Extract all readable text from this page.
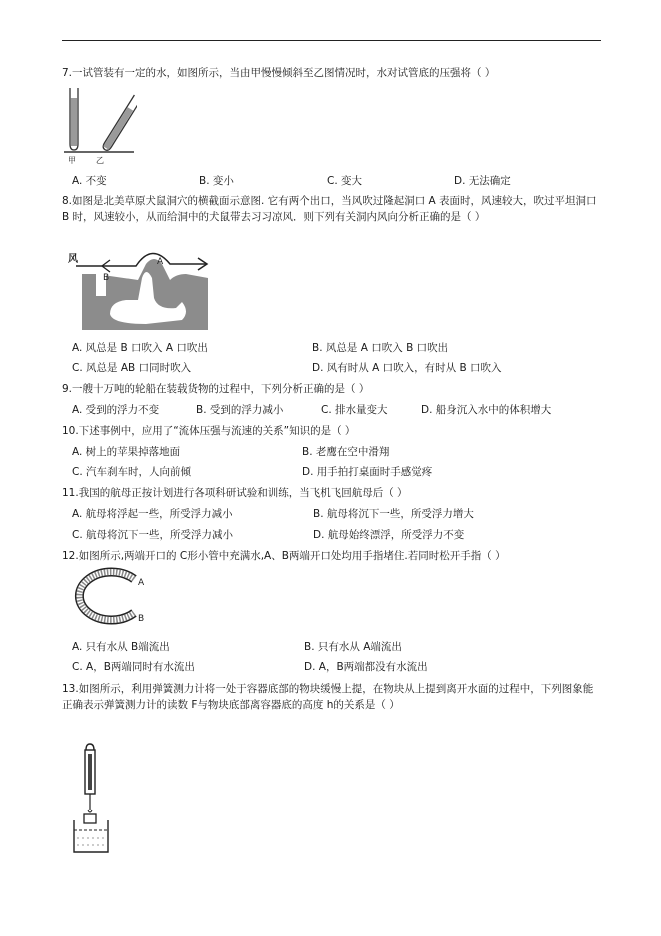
7.一试管装有一定的水，如图所示，当由甲慢慢倾斜至乙图情况时，水对试管底的压强将（ ）
甲	乙
A. 不变	B. 变小	C. 变大	D. 无法确定
8.如图是北美草原犬鼠洞穴的横截面示意图. 它有两个出口，当风吹过隆起洞口 A 表面时，风速较大，吹过平坦洞口 B 时，风速较小，从而给洞中的犬鼠带去习习凉风．则下列有关洞内风向分析正确的是（ ）
风	A
B
A. 风总是 B 口吹入 A 口吹出	B. 风总是 A 口吹入 B 口吹出
C. 风总是 AB 口同时吹入	D. 风有时从 A 口吹入，有时从 B 口吹入
9.一艘十万吨的轮船在装载货物的过程中，下列分析正确的是（ ）
A. 受到的浮力不变	B. 受到的浮力减小	C. 排水量变大	D. 船身沉入水中的体积增大
10.下述事例中，应用了“流体压强与流速的关系”知识的是（ ）
A. 树上的苹果掉落地面	B. 老鹰在空中滑翔
C. 汽车刹车时，人向前倾	D. 用手拍打桌面时手感觉疼
11.我国的航母正按计划进行各项科研试验和训练，当飞机飞回航母后（ ）
A. 航母将浮起一些，所受浮力减小	B. 航母将沉下一些，所受浮力增大
C. 航母将沉下一些，所受浮力减小	D. 航母始终漂浮，所受浮力不变
12.如图所示,两端开口的 C形小管中充满水,A、B两端开口处均用手指堵住.若同时松开手指（ ）
A
B
A. 只有水从 B端流出	B. 只有水从 A端流出
C. A，B两端同时有水流出	D. A，B两端都没有水流出
13.如图所示，利用弹簧测力计将一处于容器底部的物块缓慢上提，在物块从上提到离开水面的过程中，下列图象能正确表示弹簧测力计的读数 F与物块底部离容器底的高度 h的关系是（ ）
